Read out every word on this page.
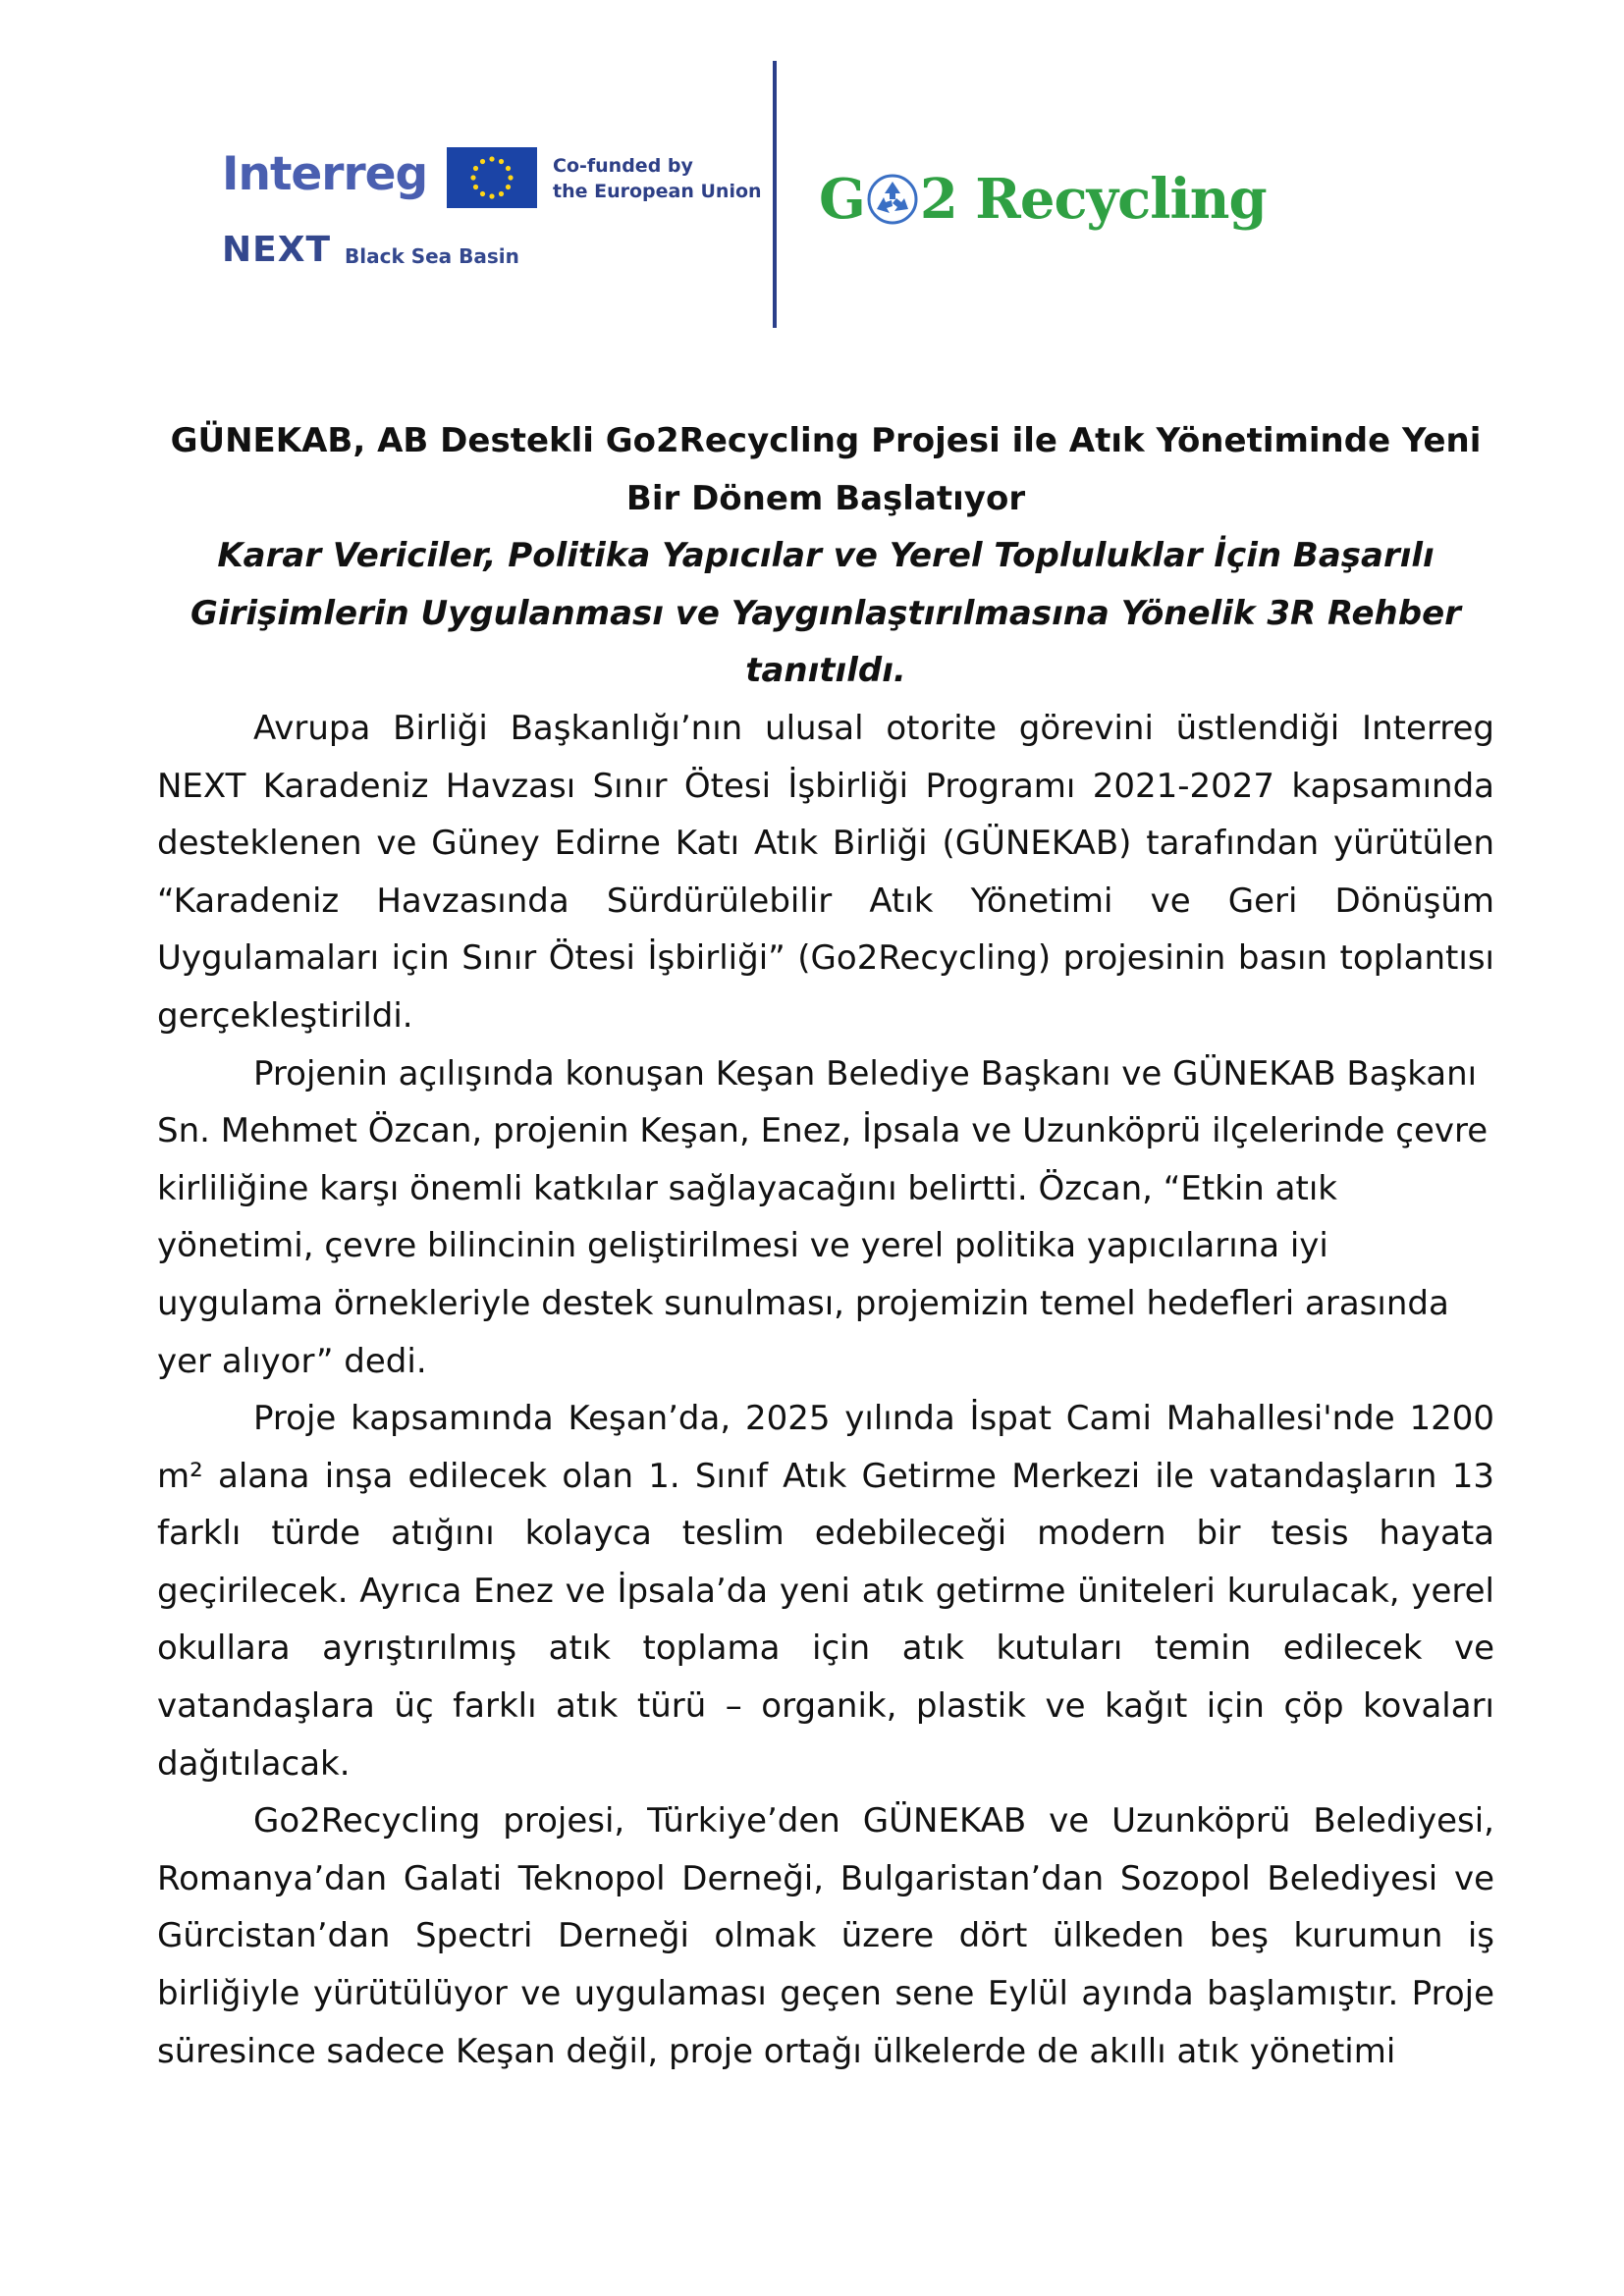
Interreg	Co-funded by
the European Union
NEXT Black Sea Basin
G 2 Recycling

GÜNEKAB, AB Destekli Go2Recycling Projesi ile Atık Yönetiminde Yeni
Bir Dönem Başlatıyor

Karar Vericiler, Politika Yapıcılar ve Yerel Topluluklar İçin Başarılı
Girişimlerin Uygulanması ve Yaygınlaştırılmasına Yönelik 3R Rehber
tanıtıldı.

Avrupa Birliği Başkanlığı’nın ulusal otorite görevini üstlendiği Interreg NEXT Karadeniz Havzası Sınır Ötesi İşbirliği Programı 2021-2027 kapsamında desteklenen ve Güney Edirne Katı Atık Birliği (GÜNEKAB) tarafından yürütülen “Karadeniz Havzasında Sürdürülebilir Atık Yönetimi ve Geri Dönüşüm Uygulamaları için Sınır Ötesi İşbirliği” (Go2Recycling) projesinin basın toplantısı gerçekleştirildi.

Projenin açılışında konuşan Keşan Belediye Başkanı ve GÜNEKAB Başkanı Sn. Mehmet Özcan, projenin Keşan, Enez, İpsala ve Uzunköprü ilçelerinde çevre kirliliğine karşı önemli katkılar sağlayacağını belirtti. Özcan, “Etkin atık yönetimi, çevre bilincinin geliştirilmesi ve yerel politika yapıcılarına iyi uygulama örnekleriyle destek sunulması, projemizin temel hedefleri arasında yer alıyor” dedi.

Proje kapsamında Keşan’da, 2025 yılında İspat Cami Mahallesi'nde 1200 m² alana inşa edilecek olan 1. Sınıf Atık Getirme Merkezi ile vatandaşların 13 farklı türde atığını kolayca teslim edebileceği modern bir tesis hayata geçirilecek. Ayrıca Enez ve İpsala’da yeni atık getirme üniteleri kurulacak, yerel okullara ayrıştırılmış atık toplama için atık kutuları temin edilecek ve vatandaşlara üç farklı atık türü – organik, plastik ve kağıt için çöp kovaları dağıtılacak.

Go2Recycling projesi, Türkiye’den GÜNEKAB ve Uzunköprü Belediyesi, Romanya’dan Galati Teknopol Derneği, Bulgaristan’dan Sozopol Belediyesi ve Gürcistan’dan Spectri Derneği olmak üzere dört ülkeden beş kurumun iş birliğiyle yürütülüyor ve uygulaması geçen sene Eylül ayında başlamıştır. Proje süresince sadece Keşan değil, proje ortağı ülkelerde de akıllı atık yönetimi
